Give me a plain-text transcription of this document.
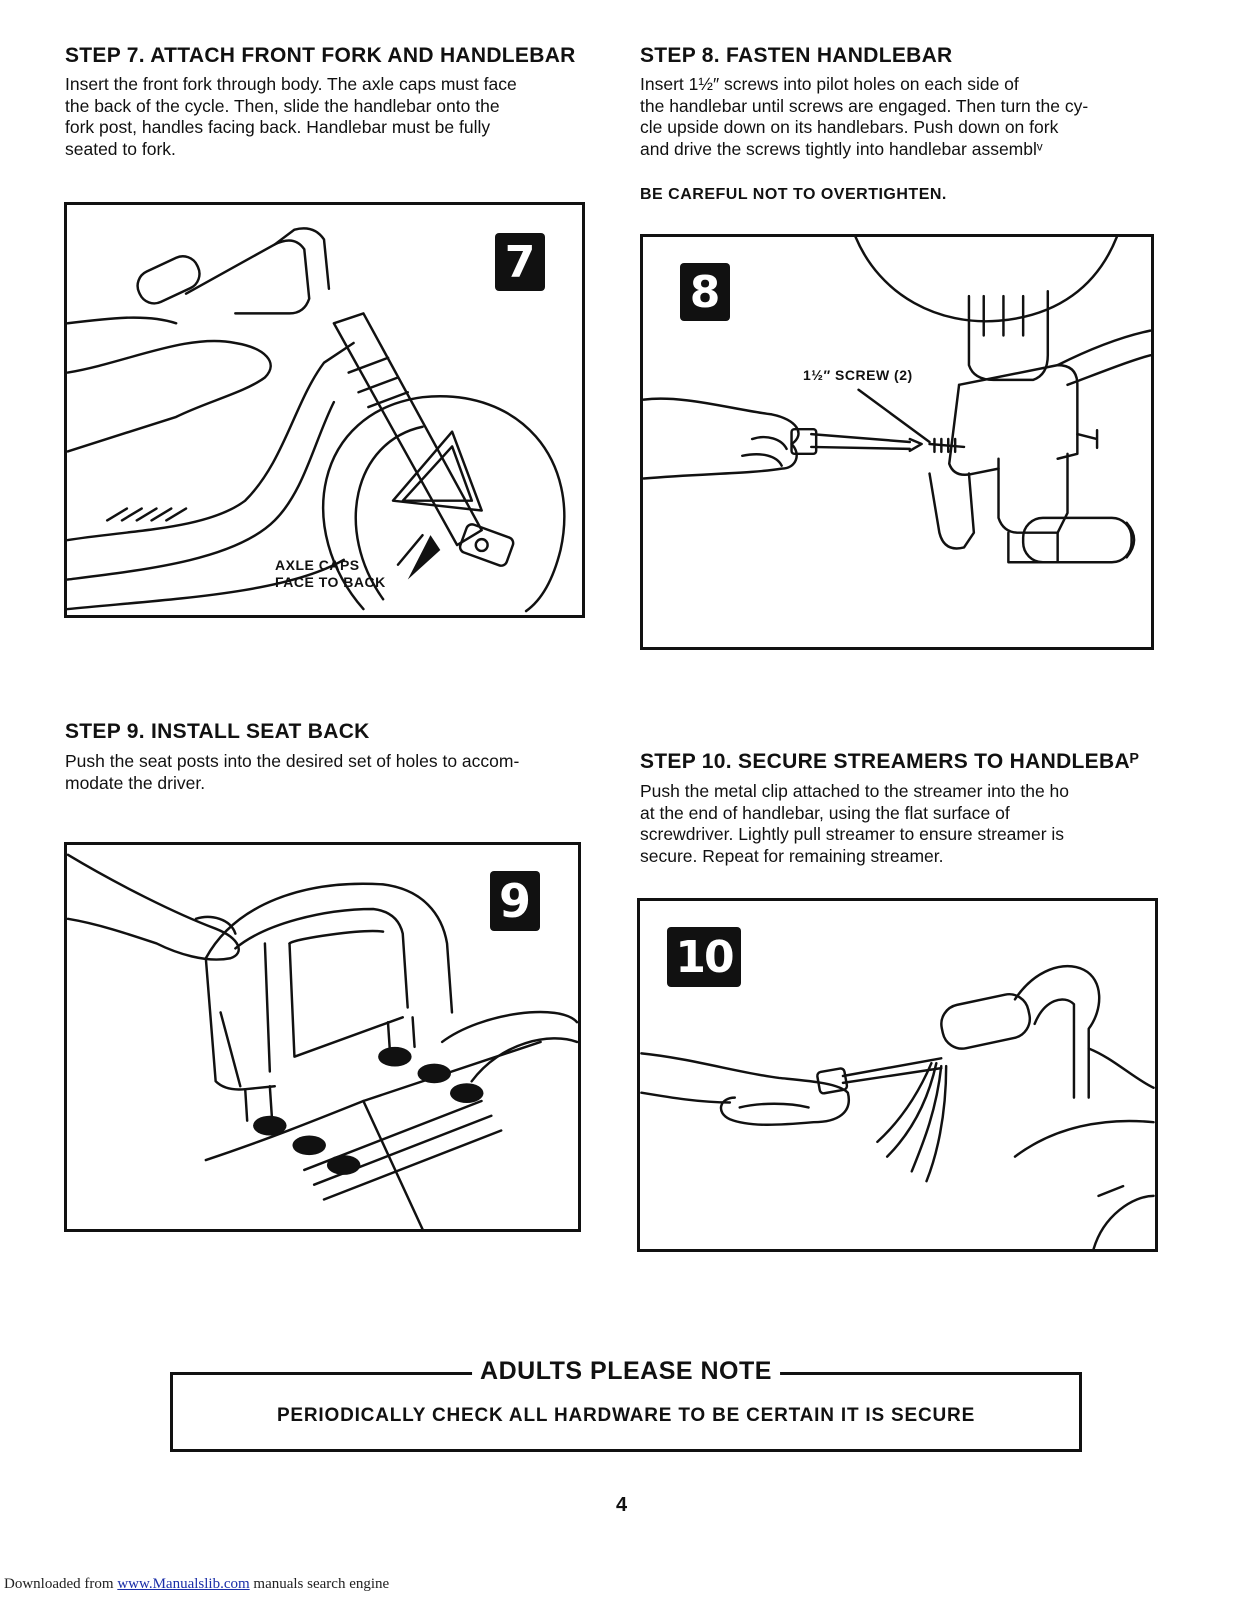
STEP 7. ATTACH FRONT FORK AND HANDLEBAR
Insert the front fork through body. The axle caps must face
the back of the cycle. Then, slide the handlebar onto the
fork post, handles facing back. Handlebar must be fully
seated to fork.
7
AXLE CAPS
FACE TO BACK
STEP 8. FASTEN HANDLEBAR
Insert 1½″ screws into pilot holes on each side of
the handlebar until screws are engaged. Then turn the cy-
cle upside down on its handlebars. Push down on fork
and drive the screws tightly into handlebar assemblᵛ
BE CAREFUL NOT TO OVERTIGHTEN.
8
1½″ SCREW (2)
STEP 9. INSTALL SEAT BACK
Push the seat posts into the desired set of holes to accom-
modate the driver.
9
STEP 10. SECURE STREAMERS TO HANDLEBAᴾ
Push the metal clip attached to the streamer into the ho
at the end of handlebar, using the flat surface of
screwdriver. Lightly pull streamer to ensure streamer is
secure. Repeat for remaining streamer.
10
ADULTS PLEASE NOTE
PERIODICALLY CHECK ALL HARDWARE TO BE CERTAIN IT IS SECURE
4
Downloaded from www.Manualslib.com manuals search engine
